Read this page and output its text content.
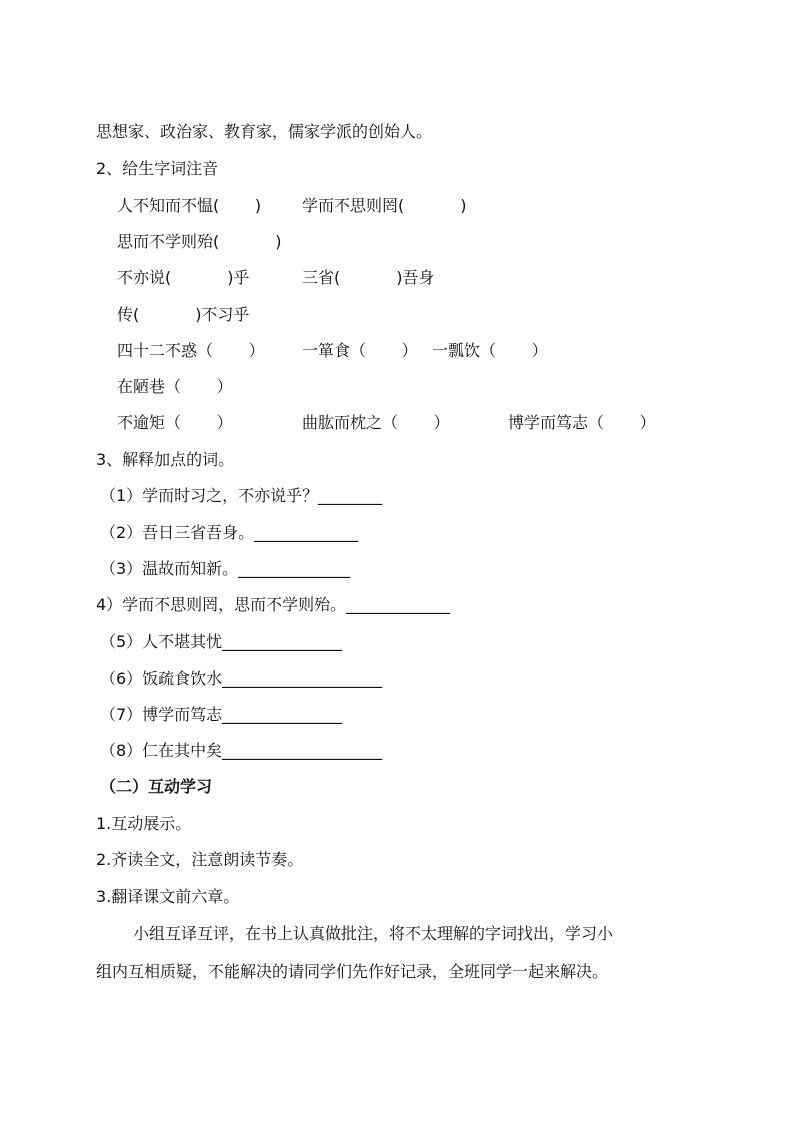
思想家、政治家、教育家，儒家学派的创始人。
2、给生字词注音
人不知而不愠(       )	学而不思则罔(           )
思而不学则殆(           )
不亦说(           )乎	三省(           )吾身
传(           )不习乎
四十二不惑（       ） 一箪食（       ） 一瓢饮（       ）
在陋巷（       ）
不逾矩（       ）	曲肱而枕之（       ）	博学而笃志（       ）
3、解释加点的词。
（1）学而时习之，不亦说乎？________
（2）吾日三省吾身。_____________
（3）温故而知新。______________
4）学而不思则罔，思而不学则殆。_____________
（5）人不堪其忧_______________
（6）饭疏食饮水____________________
（7）博学而笃志_______________
（8）仁在其中矣____________________
（二）互动学习
1.互动展示。
2.齐读全文，注意朗读节奏。
3.翻译课文前六章。
小组互译互评，在书上认真做批注，将不太理解的字词找出，学习小
组内互相质疑，不能解决的请同学们先作好记录，全班同学一起来解决。
